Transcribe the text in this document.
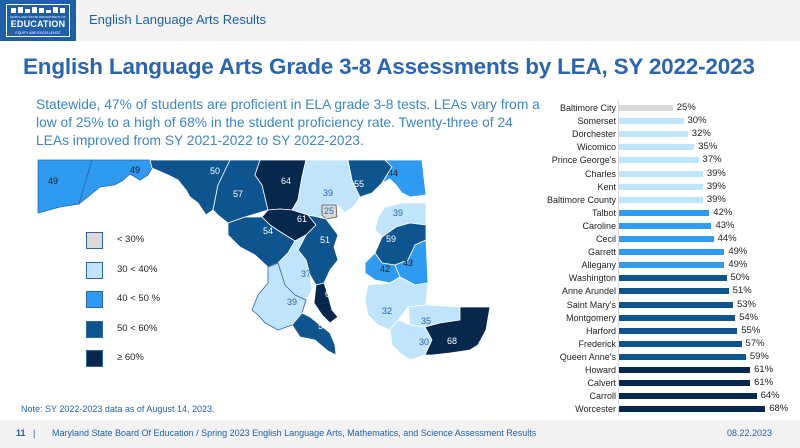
MARYLAND STATE DEPARTMENT OF
EDUCATION
EQUITY AND EXCELLENCE
English Language Arts Results
English Language Arts Grade 3-8 Assessments by LEA, SY 2022-2023
Statewide, 47% of students are proficient in ELA grade 3-8 tests. LEAs vary from a low of 25% to a high of 68% in the student proficiency rate. Twenty-three of 24 LEAs improved from SY 2021-2022 to SY 2022-2023.
49
49	50
57
64
39
55
44
25
61
54
51
39
59
42
43
37
39
61
53
32
35
30 68
< 30%
30 < 40%
40 < 50 %
50 < 60%
≥ 60%
Note: SY 2022-2023 data as of August 14, 2023.
Baltimore City	25%
Somerset	30%
Dorchester	32%
Wicomico	35%
Prince George's	37%
Charles	39%
Kent	39%
Baltimore County	39%
Talbot	42%
Caroline	43%
Cecil	44%
Garrett	49%
Allegany	49%
Washington	50%
Anne Arundel	51%
Saint Mary's	53%
Montgomery	54%
Harford	55%
Frederick	57%
Queen Anne's	59%
Howard	61%
Calvert	61%
Carroll	64%
Worcester	68%
11 | Maryland State Board Of Education / Spring 2023 English Language Arts, Mathematics, and Science Assessment Results	08.22.2023
